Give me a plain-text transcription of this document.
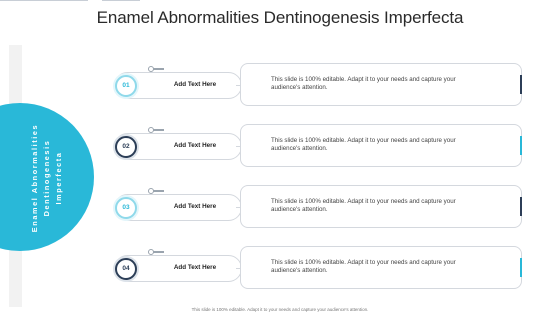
Enamel Abnormalities Dentinogenesis Imperfecta
Enamel Abnormalities Dentinogenesis Imperfecta
Add Text Here
01
This slide is 100% editable. Adapt it to your needs and capture your audience's attention.
Add Text Here
02
This slide is 100% editable. Adapt it to your needs and capture your audience's attention.
Add Text Here
03
This slide is 100% editable. Adapt it to your needs and capture your audience's attention.
Add Text Here
04
This slide is 100% editable. Adapt it to your needs and capture your audience's attention.
This slide is 100% editable. Adapt it to your needs and capture your audience's attention.
